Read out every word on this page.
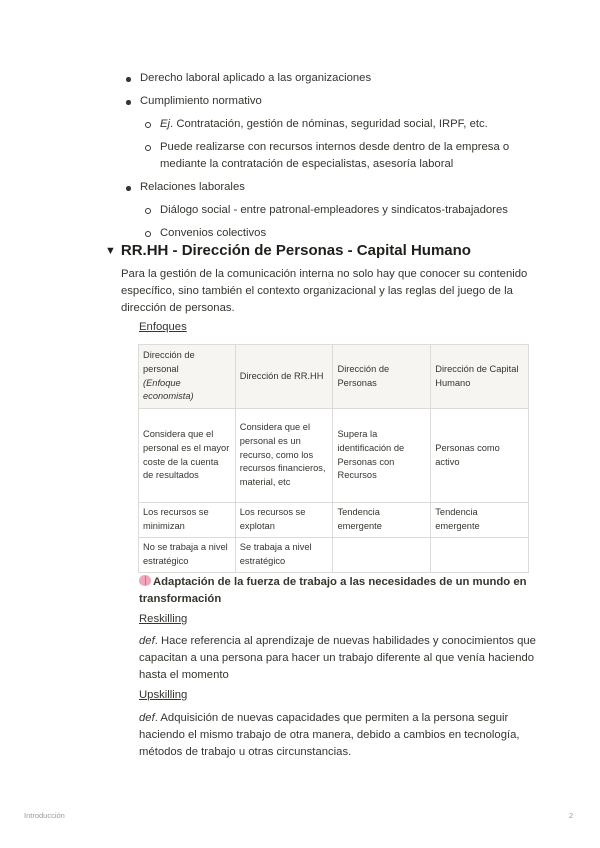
Derecho laboral aplicado a las organizaciones
Cumplimiento normativo
Ej. Contratación, gestión de nóminas, seguridad social, IRPF, etc.
Puede realizarse con recursos internos desde dentro de la empresa o mediante la contratación de especialistas, asesoría laboral
Relaciones laborales
Diálogo social - entre patronal-empleadores y sindicatos-trabajadores
Convenios colectivos
▼ RR.HH - Dirección de Personas - Capital Humano
Para la gestión de la comunicación interna no solo hay que conocer su contenido específico, sino también el contexto organizacional y las reglas del juego de la dirección de personas.
Enfoques
Dirección de personal
(Enfoque economista)	Dirección de RR.HH	Dirección de Personas	Dirección de Capital Humano
Considera que el personal es el mayor coste de la cuenta de resultados	Considera que el personal es un recurso, como los recursos financieros, material, etc	Supera la identificación de Personas con Recursos	Personas como activo
Los recursos se minimizan	Los recursos se explotan	Tendencia emergente	Tendencia emergente
No se trabaja a nivel estratégico	Se trabaja a nivel estratégico		
Adaptación de la fuerza de trabajo a las necesidades de un mundo en transformación
Reskilling
def. Hace referencia al aprendizaje de nuevas habilidades y conocimientos que capacitan a una persona para hacer un trabajo diferente al que venía haciendo hasta el momento
Upskilling
def. Adquisición de nuevas capacidades que permiten a la persona seguir haciendo el mismo trabajo de otra manera, debido a cambios en tecnología, métodos de trabajo u otras circunstancias.
Introducción	2
